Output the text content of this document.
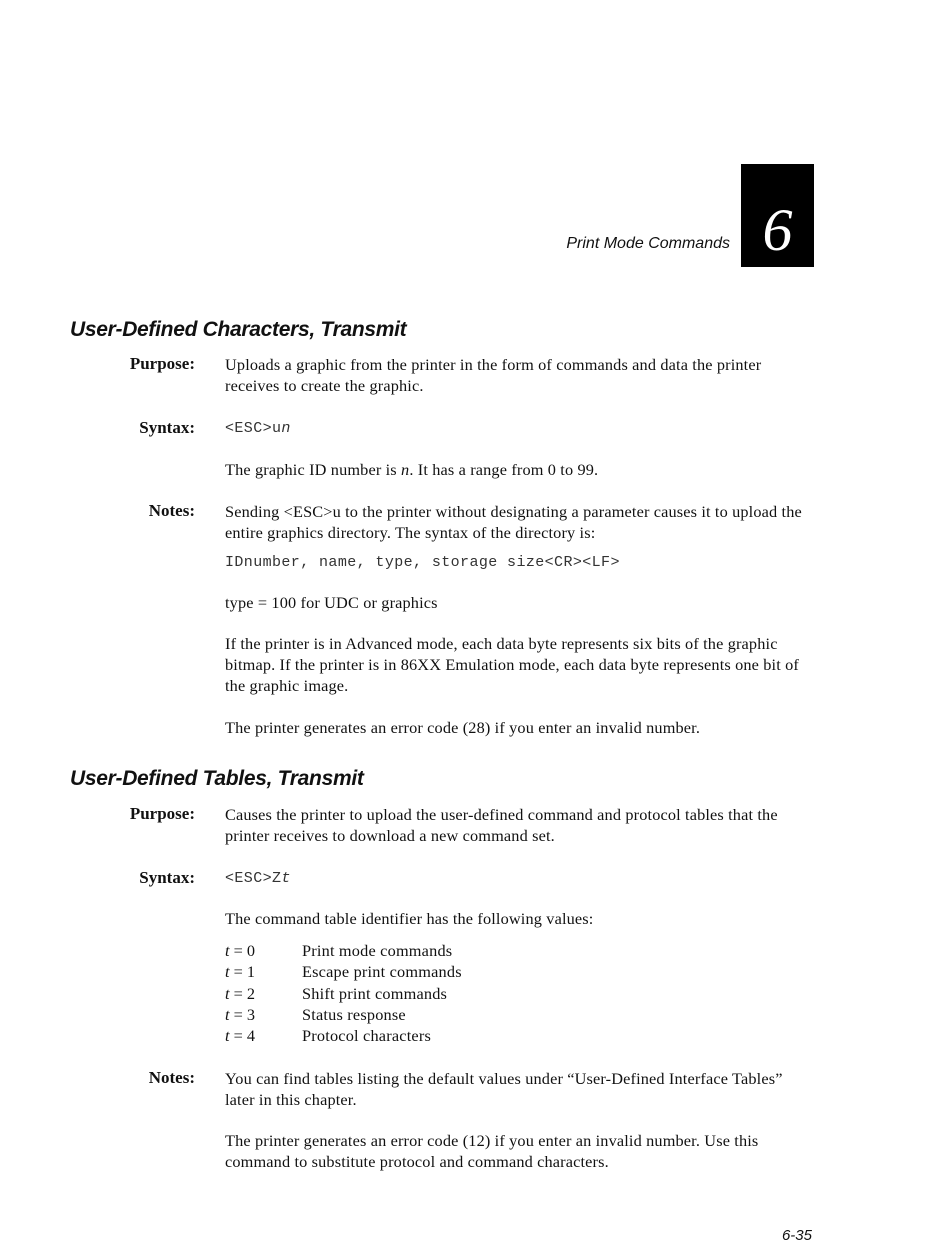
Print Mode Commands 6
User-Defined Characters, Transmit
Purpose: Uploads a graphic from the printer in the form of commands and data the printer receives to create the graphic.
Syntax: <ESC>un
The graphic ID number is n. It has a range from 0 to 99.
Notes: Sending <ESC>u to the printer without designating a parameter causes it to upload the entire graphics directory. The syntax of the directory is:
IDnumber, name, type, storage size<CR><LF>
type = 100 for UDC or graphics
If the printer is in Advanced mode, each data byte represents six bits of the graphic bitmap. If the printer is in 86XX Emulation mode, each data byte represents one bit of the graphic image.
The printer generates an error code (28) if you enter an invalid number.
User-Defined Tables, Transmit
Purpose: Causes the printer to upload the user-defined command and protocol tables that the printer receives to download a new command set.
Syntax: <ESC>Zt
The command table identifier has the following values:
t = 0	Print mode commands
t = 1	Escape print commands
t = 2	Shift print commands
t = 3	Status response
t = 4	Protocol characters
Notes: You can find tables listing the default values under “User-Defined Interface Tables” later in this chapter.
The printer generates an error code (12) if you enter an invalid number. Use this command to substitute protocol and command characters.
6-35
